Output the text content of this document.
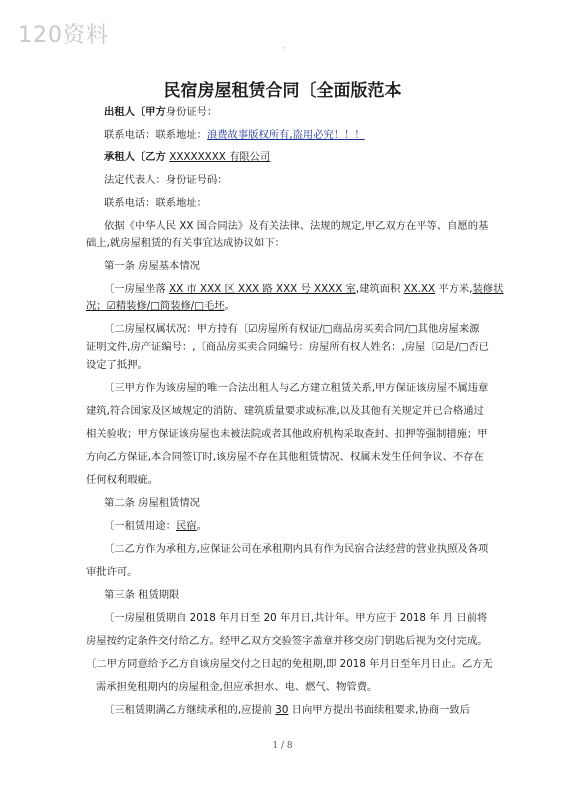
120资料
·
民宿房屋租赁合同〔全面版范本
出租人〔甲方身份证号：
联系电话：联系地址：浪费故事版权所有,盗用必究！！！
承租人〔乙方 XXXXXXXX 有限公司
法定代表人：身份证号码：
联系电话：联系地址：
依据《中华人民 XX 国合同法》及有关法律、法规的规定,甲乙双方在平等、自愿的基
础上,就房屋租赁的有关事宜达成协议如下：
第一条 房屋基本情况
〔一房屋坐落 XX 市 XXX 区 XXX 路 XXX 号 XXXX 室,建筑面积 XX.XX 平方米,装修状
况；☑精装修/□简装修/□毛坯。
〔二房屋权属状况：甲方持有〔☑房屋所有权证/□商品房买卖合同/□其他房屋来源
证明文件,房产证编号：,〔商品房买卖合同编号：房屋所有权人姓名：,房屋〔☑是/□否已
设定了抵押。
〔三甲方作为该房屋的唯一合法出租人与乙方建立租赁关系,甲方保证该房屋不属违章
建筑,符合国家及区域规定的消防、建筑质量要求或标准,以及其他有关规定并已合格通过
相关验收；甲方保证该房屋也未被法院或者其他政府机构采取查封、扣押等强制措施；甲
方向乙方保证,本合同签订时,该房屋不存在其他租赁情况、权属未发生任何争议、不存在
任何权利瑕疵。
第二条 房屋租赁情况
〔一租赁用途：民宿。
〔二乙方作为承租方,应保证公司在承租期内具有作为民宿合法经营的营业执照及各项
审批许可。
第三条 租赁期限
〔一房屋租赁期自 2018 年月日至 20 年月日,共计年。甲方应于 2018 年 月 日前将
房屋按约定条件交付给乙方。经甲乙双方交验签字盖章并移交房门钥匙后视为交付完成。
〔二甲方同意给予乙方自该房屋交付之日起的免租期,即 2018 年月日至年月日止。乙方无
需承担免租期内的房屋租金,但应承担水、电、燃气、物管费。
〔三租赁期满乙方继续承租的,应提前 30 日向甲方提出书面续租要求,协商一致后
1 / 8
